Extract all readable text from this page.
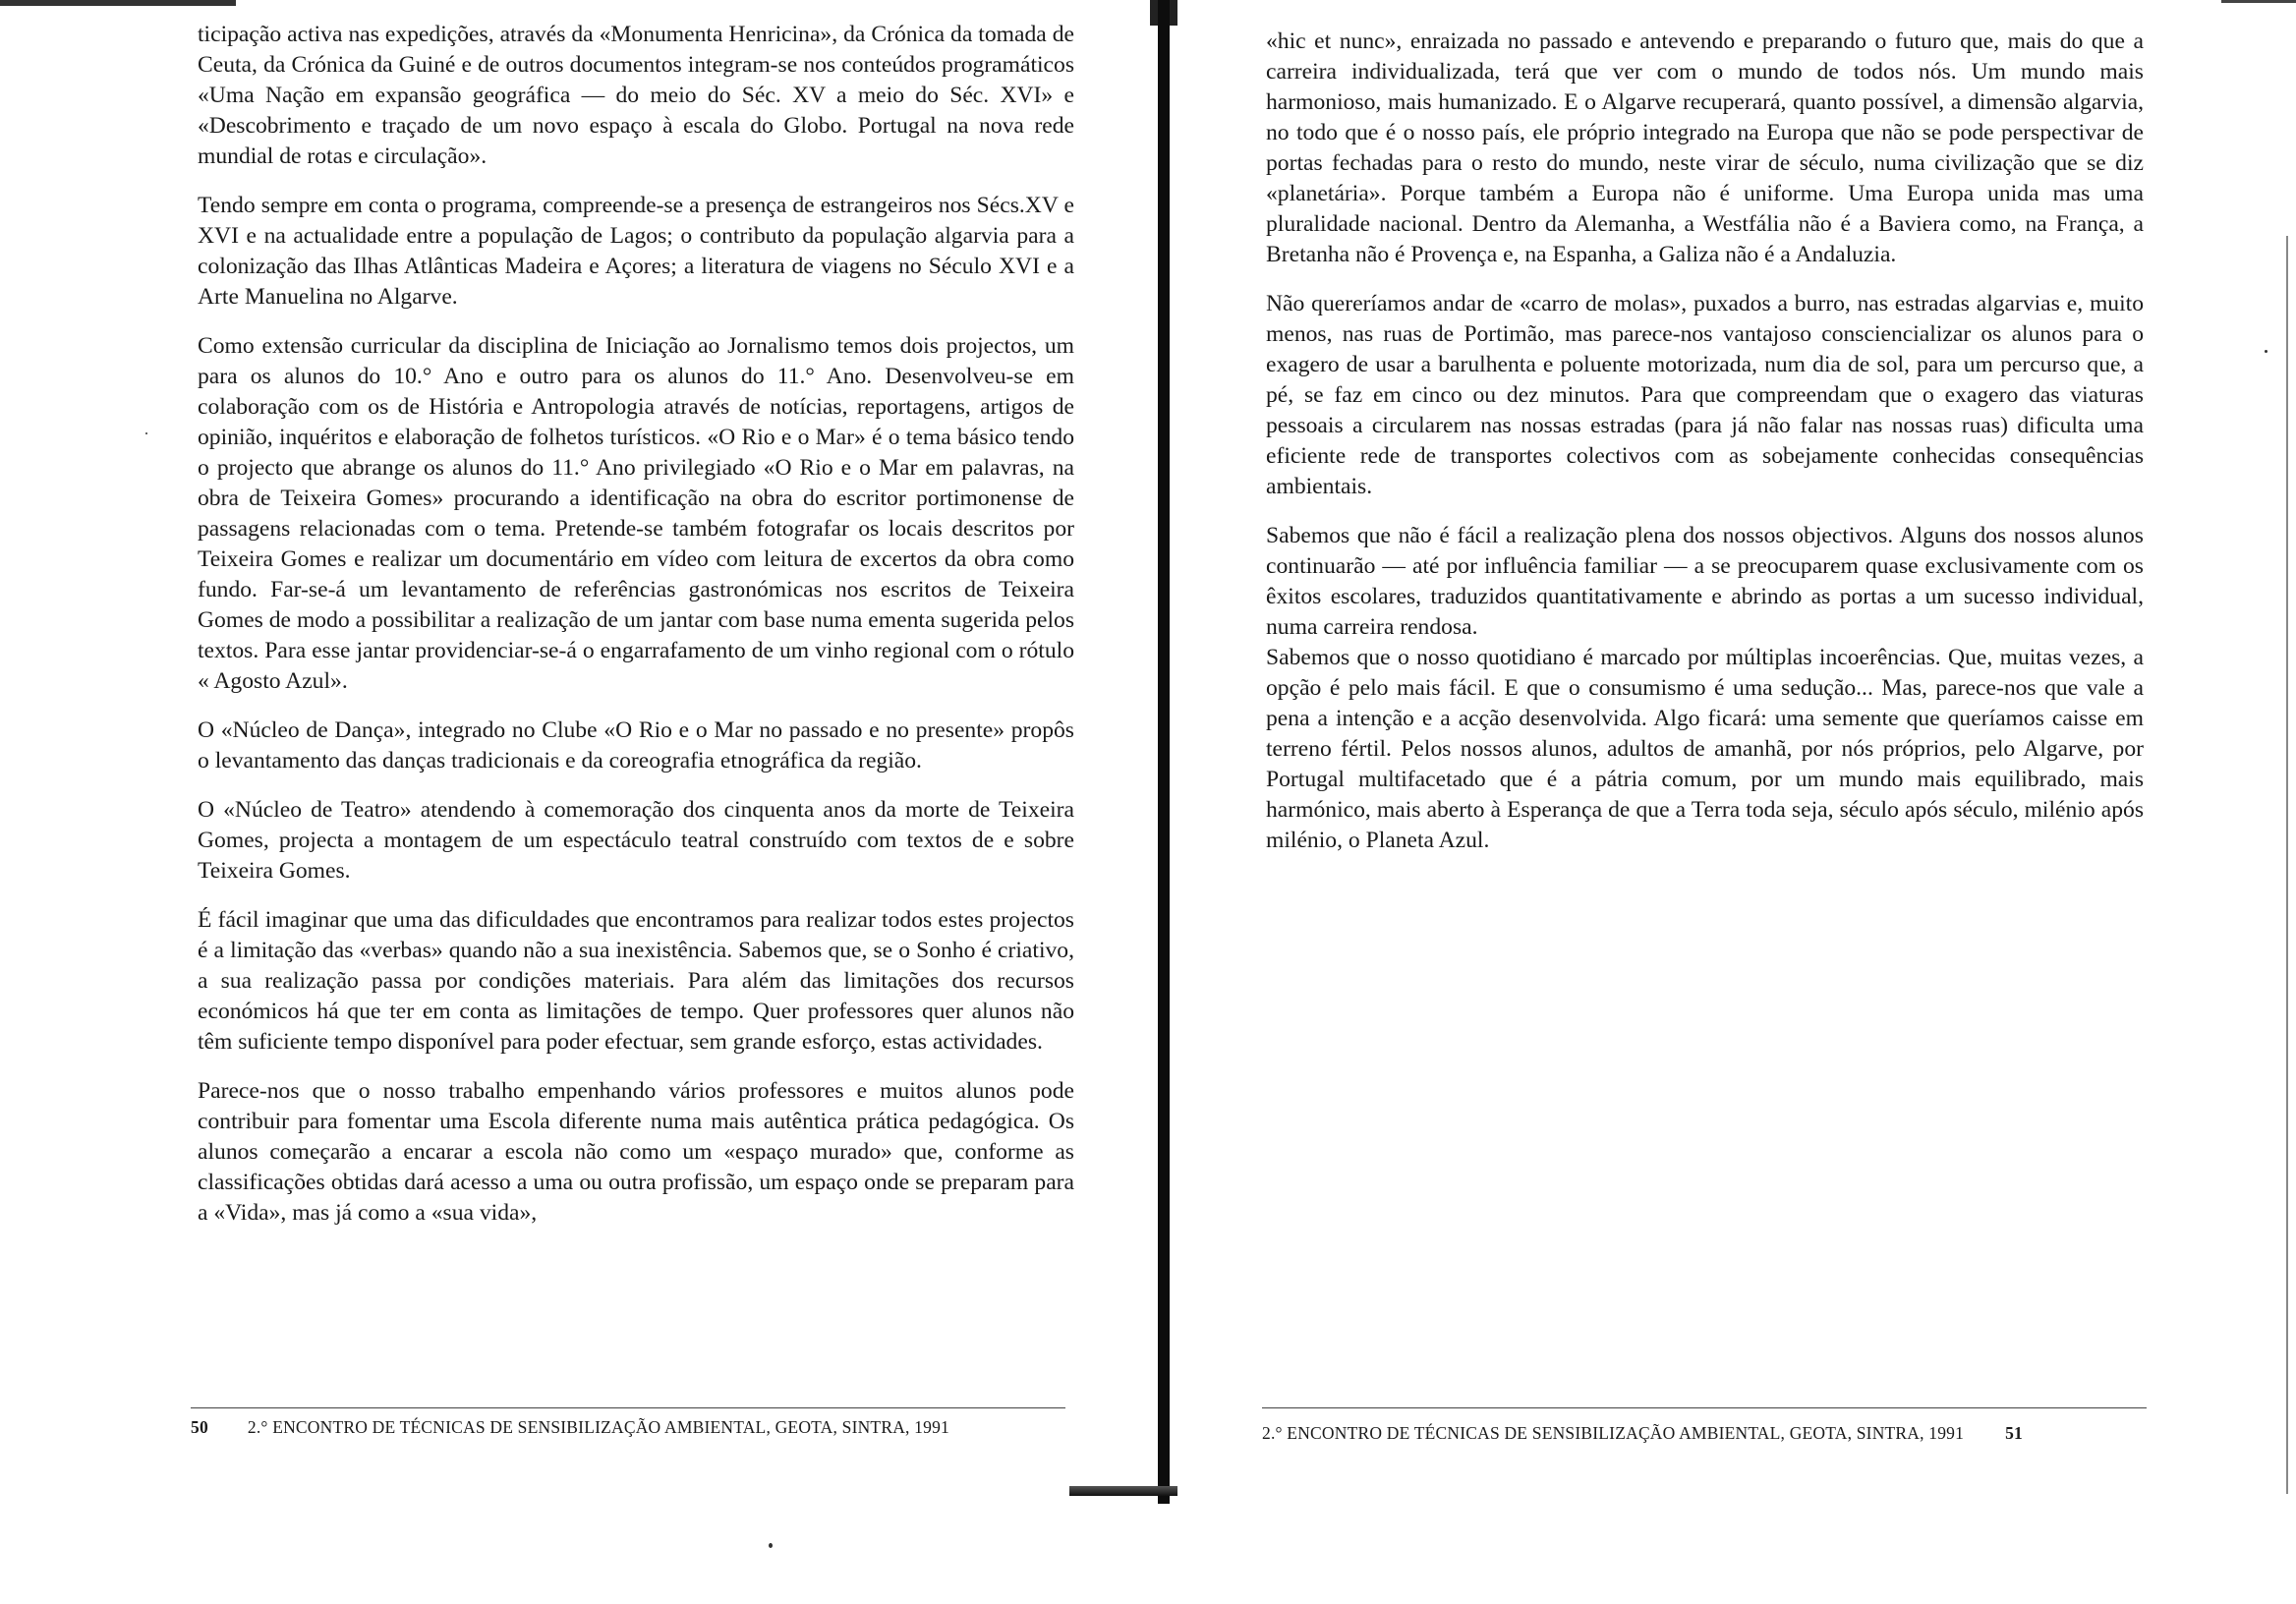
ticipação activa nas expedições, através da «Monumenta Henricina», da Crónica da tomada de Ceuta, da Crónica da Guiné e de outros documentos integram-se nos conteúdos programáticos «Uma Nação em expansão geográfica — do meio do Séc. XV a meio do Séc. XVI» e «Descobrimento e traçado de um novo espaço à escala do Globo. Portugal na nova rede mundial de rotas e circulação».

Tendo sempre em conta o programa, compreende-se a presença de estrangeiros nos Sécs.XV e XVI e na actualidade entre a população de Lagos; o contributo da população algarvia para a colonização das Ilhas Atlânticas Madeira e Açores; a literatura de viagens no Século XVI e a Arte Manuelina no Algarve.

Como extensão curricular da disciplina de Iniciação ao Jornalismo temos dois projectos, um para os alunos do 10.° Ano e outro para os alunos do 11.° Ano. Desenvolveu-se em colaboração com os de História e Antropologia através de notícias, reportagens, artigos de opinião, inquéritos e elaboração de folhetos turísticos. «O Rio e o Mar» é o tema básico tendo o projecto que abrange os alunos do 11.° Ano privilegiado «O Rio e o Mar em palavras, na obra de Teixeira Gomes» procurando a identificação na obra do escritor portimonense de passagens relacionadas com o tema. Pretende-se também fotografar os locais descritos por Teixeira Gomes e realizar um documentário em vídeo com leitura de excertos da obra como fundo. Far-se-á um levantamento de referências gastronómicas nos escritos de Teixeira Gomes de modo a possibilitar a realização de um jantar com base numa ementa sugerida pelos textos. Para esse jantar providenciar-se-á o engarrafamento de um vinho regional com o rótulo « Agosto Azul».

O «Núcleo de Dança», integrado no Clube «O Rio e o Mar no passado e no presente» propôs o levantamento das danças tradicionais e da coreografia etnográfica da região.

O «Núcleo de Teatro» atendendo à comemoração dos cinquenta anos da morte de Teixeira Gomes, projecta a montagem de um espectáculo teatral construído com textos de e sobre Teixeira Gomes.

É fácil imaginar que uma das dificuldades que encontramos para realizar todos estes projectos é a limitação das «verbas» quando não a sua inexistência. Sabemos que, se o Sonho é criativo, a sua realização passa por condições materiais. Para além das limitações dos recursos económicos há que ter em conta as limitações de tempo. Quer professores quer alunos não têm suficiente tempo disponível para poder efectuar, sem grande esforço, estas actividades.

Parece-nos que o nosso trabalho empenhando vários professores e muitos alunos pode contribuir para fomentar uma Escola diferente numa mais autêntica prática pedagógica. Os alunos começarão a encarar a escola não como um «espaço murado» que, conforme as classificações obtidas dará acesso a uma ou outra profissão, um espaço onde se preparam para a «Vida», mas já como a «sua vida»,

50 2.° ENCONTRO DE TÉCNICAS DE SENSIBILIZAÇÃO AMBIENTAL, GEOTA, SINTRA, 1991

«hic et nunc», enraizada no passado e antevendo e preparando o futuro que, mais do que a carreira individualizada, terá que ver com o mundo de todos nós. Um mundo mais harmonioso, mais humanizado. E o Algarve recuperará, quanto possível, a dimensão algarvia, no todo que é o nosso país, ele próprio integrado na Europa que não se pode perspectivar de portas fechadas para o resto do mundo, neste virar de século, numa civilização que se diz «planetária». Porque também a Europa não é uniforme. Uma Europa unida mas uma pluralidade nacional. Dentro da Alemanha, a Westfália não é a Baviera como, na França, a Bretanha não é Provença e, na Espanha, a Galiza não é a Andaluzia.

Não quereríamos andar de «carro de molas», puxados a burro, nas estradas algarvias e, muito menos, nas ruas de Portimão, mas parece-nos vantajoso consciencializar os alunos para o exagero de usar a barulhenta e poluente motorizada, num dia de sol, para um percurso que, a pé, se faz em cinco ou dez minutos. Para que compreendam que o exagero das viaturas pessoais a circularem nas nossas estradas (para já não falar nas nossas ruas) dificulta uma eficiente rede de transportes colectivos com as sobejamente conhecidas consequências ambientais.

Sabemos que não é fácil a realização plena dos nossos objectivos. Alguns dos nossos alunos continuarão — até por influência familiar — a se preocuparem quase exclusivamente com os êxitos escolares, traduzidos quantitativamente e abrindo as portas a um sucesso individual, numa carreira rendosa.

Sabemos que o nosso quotidiano é marcado por múltiplas incoerências. Que, muitas vezes, a opção é pelo mais fácil. E que o consumismo é uma sedução... Mas, parece-nos que vale a pena a intenção e a acção desenvolvida. Algo ficará: uma semente que queríamos caisse em terreno fértil. Pelos nossos alunos, adultos de amanhã, por nós próprios, pelo Algarve, por Portugal multifacetado que é a pátria comum, por um mundo mais equilibrado, mais harmónico, mais aberto à Esperança de que a Terra toda seja, século após século, milénio após milénio, o Planeta Azul.

2.° ENCONTRO DE TÉCNICAS DE SENSIBILIZAÇÃO AMBIENTAL, GEOTA, SINTRA, 1991 51
